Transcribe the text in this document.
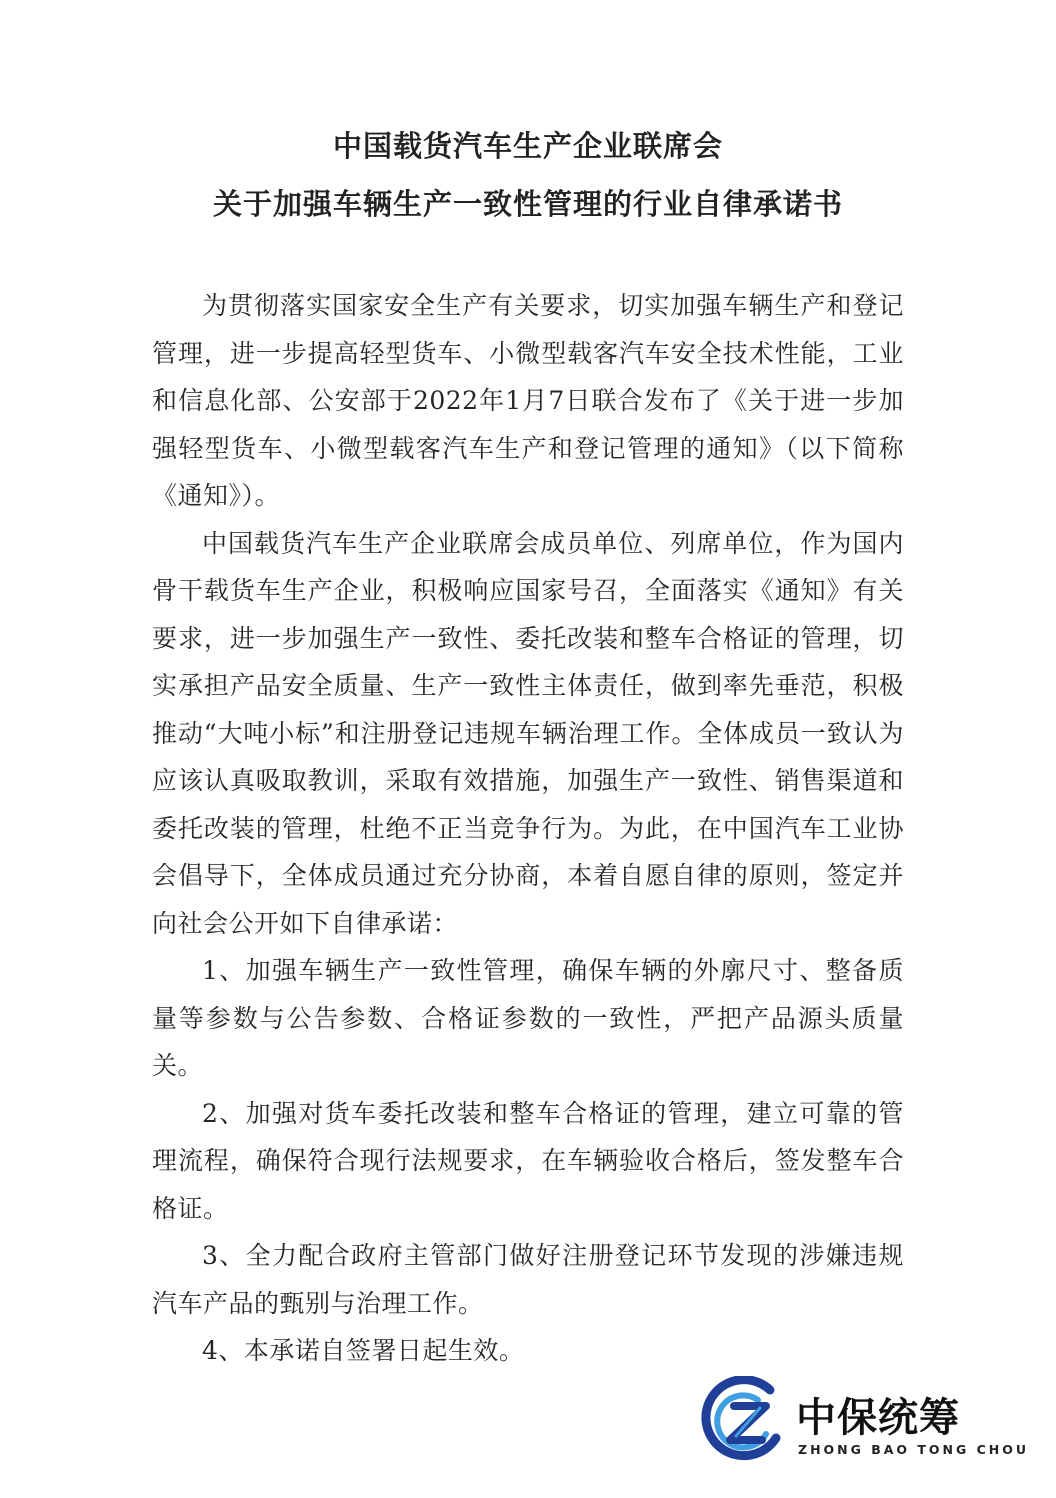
中国载货汽车生产企业联席会
关于加强车辆生产一致性管理的行业自律承诺书

为贯彻落实国家安全生产有关要求，切实加强车辆生产和登记管理，进一步提高轻型货车、小微型载客汽车安全技术性能，工业和信息化部、公安部于2022年1月7日联合发布了《关于进一步加强轻型货车、小微型载客汽车生产和登记管理的通知》（以下简称《通知》）。

中国载货汽车生产企业联席会成员单位、列席单位，作为国内骨干载货车生产企业，积极响应国家号召，全面落实《通知》有关要求，进一步加强生产一致性、委托改装和整车合格证的管理，切实承担产品安全质量、生产一致性主体责任，做到率先垂范，积极推动“大吨小标”和注册登记违规车辆治理工作。全体成员一致认为应该认真吸取教训，采取有效措施，加强生产一致性、销售渠道和委托改装的管理，杜绝不正当竞争行为。为此，在中国汽车工业协会倡导下，全体成员通过充分协商，本着自愿自律的原则，签定并向社会公开如下自律承诺：

1、加强车辆生产一致性管理，确保车辆的外廓尺寸、整备质量等参数与公告参数、合格证参数的一致性，严把产品源头质量关。

2、加强对货车委托改装和整车合格证的管理，建立可靠的管理流程，确保符合现行法规要求，在车辆验收合格后，签发整车合格证。

3、全力配合政府主管部门做好注册登记环节发现的涉嫌违规汽车产品的甄别与治理工作。

4、本承诺自签署日起生效。

中保统筹
ZHONG BAO TONG CHOU
